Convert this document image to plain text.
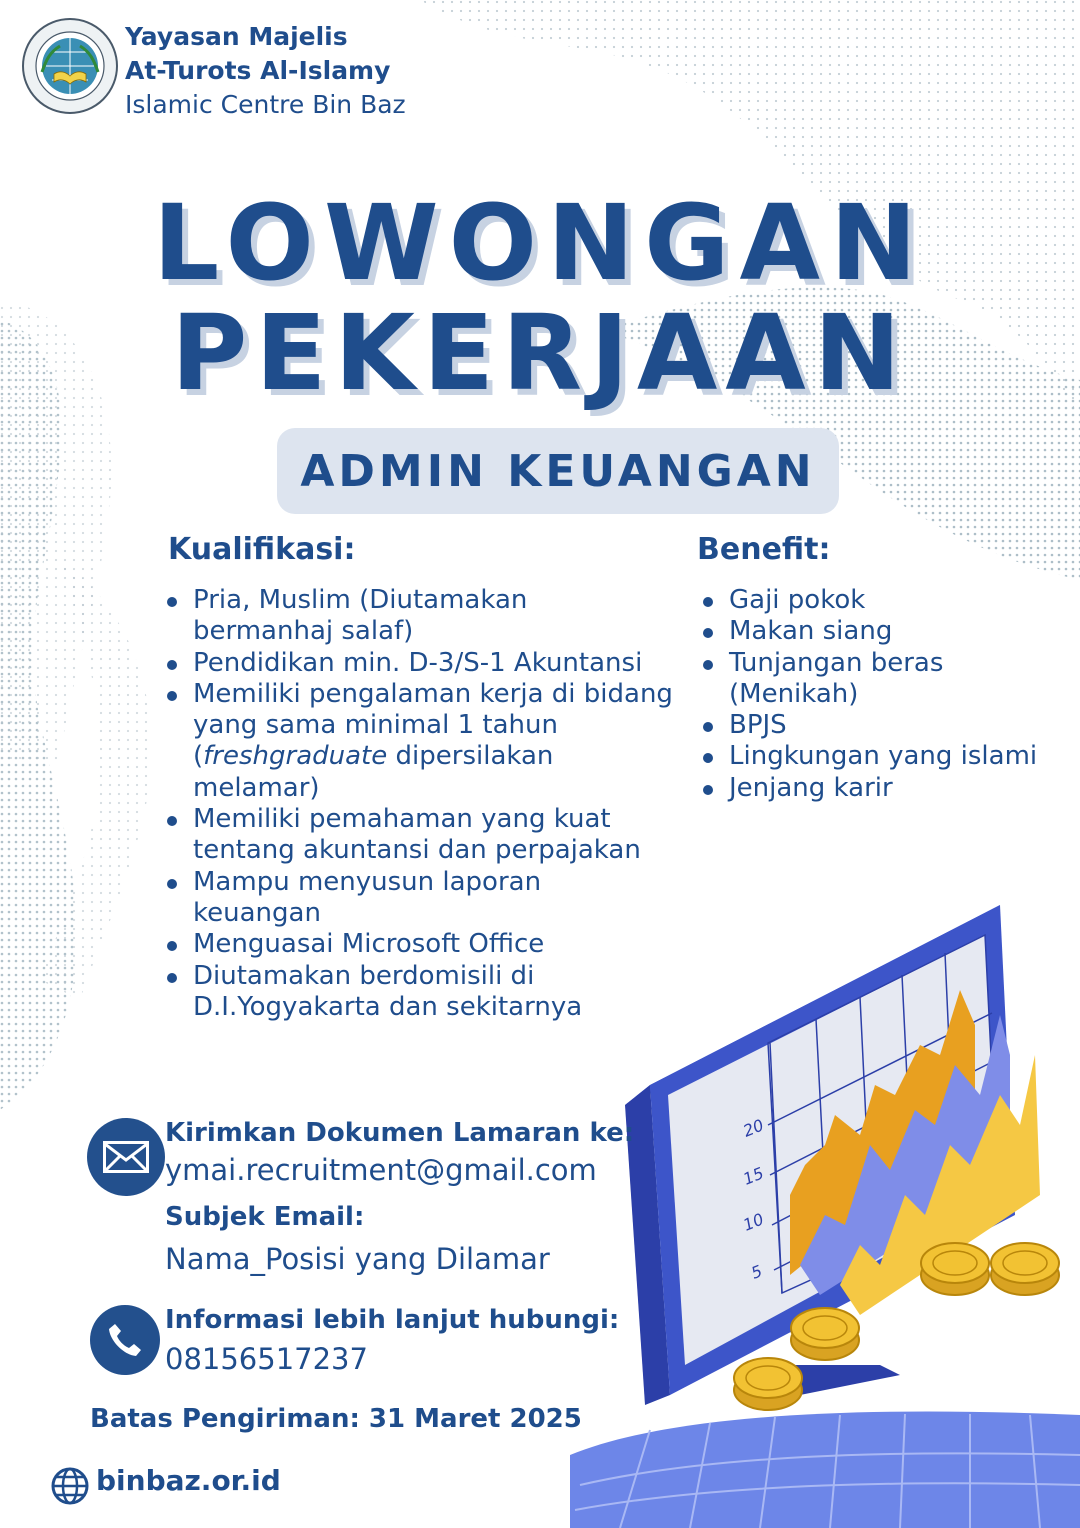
Yayasan Majelis
At-Turots Al-Islamy
Islamic Centre Bin Baz
LOWONGAN
PEKERJAAN
ADMIN KEUANGAN
Kualifikasi:
Pria, Muslim (Diutamakan bermanhaj salaf)
Pendidikan min. D-3/S-1 Akuntansi
Memiliki pengalaman kerja di bidang yang sama minimal 1 tahun (freshgraduate dipersilakan melamar)
Memiliki pemahaman yang kuat tentang akuntansi dan perpajakan
Mampu menyusun laporan keuangan
Menguasai Microsoft Office
Diutamakan berdomisili di D.I.Yogyakarta dan sekitarnya
Benefit:
Gaji pokok
Makan siang
Tunjangan beras (Menikah)
BPJS
Lingkungan yang islami
Jenjang karir
20
15
10
5
Kirimkan Dokumen Lamaran ke:
ymai.recruitment@gmail.com
Subjek Email:
Nama_Posisi yang Dilamar
Informasi lebih lanjut hubungi:
08156517237
Batas Pengiriman: 31 Maret 2025
binbaz.or.id
